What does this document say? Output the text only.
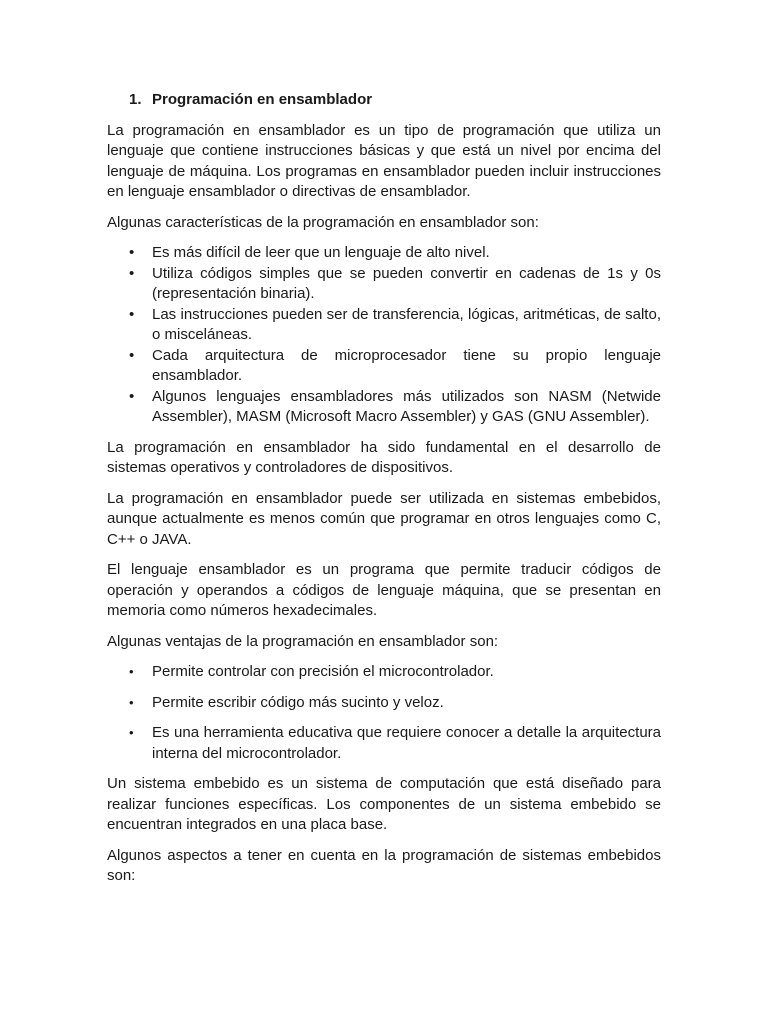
1. Programación en ensamblador

La programación en ensamblador es un tipo de programación que utiliza un lenguaje que contiene instrucciones básicas y que está un nivel por encima del lenguaje de máquina. Los programas en ensamblador pueden incluir instrucciones en lenguaje ensamblador o directivas de ensamblador.

Algunas características de la programación en ensamblador son:

• Es más difícil de leer que un lenguaje de alto nivel.
• Utiliza códigos simples que se pueden convertir en cadenas de 1s y 0s (representación binaria).
• Las instrucciones pueden ser de transferencia, lógicas, aritméticas, de salto, o misceláneas.
• Cada arquitectura de microprocesador tiene su propio lenguaje ensamblador.
• Algunos lenguajes ensambladores más utilizados son NASM (Netwide Assembler), MASM (Microsoft Macro Assembler) y GAS (GNU Assembler).

La programación en ensamblador ha sido fundamental en el desarrollo de sistemas operativos y controladores de dispositivos.

La programación en ensamblador puede ser utilizada en sistemas embebidos, aunque actualmente es menos común que programar en otros lenguajes como C, C++ o JAVA.

El lenguaje ensamblador es un programa que permite traducir códigos de operación y operandos a códigos de lenguaje máquina, que se presentan en memoria como números hexadecimales.

Algunas ventajas de la programación en ensamblador son:

• Permite controlar con precisión el microcontrolador.
• Permite escribir código más sucinto y veloz.
• Es una herramienta educativa que requiere conocer a detalle la arquitectura interna del microcontrolador.

Un sistema embebido es un sistema de computación que está diseñado para realizar funciones específicas. Los componentes de un sistema embebido se encuentran integrados en una placa base.

Algunos aspectos a tener en cuenta en la programación de sistemas embebidos son:
